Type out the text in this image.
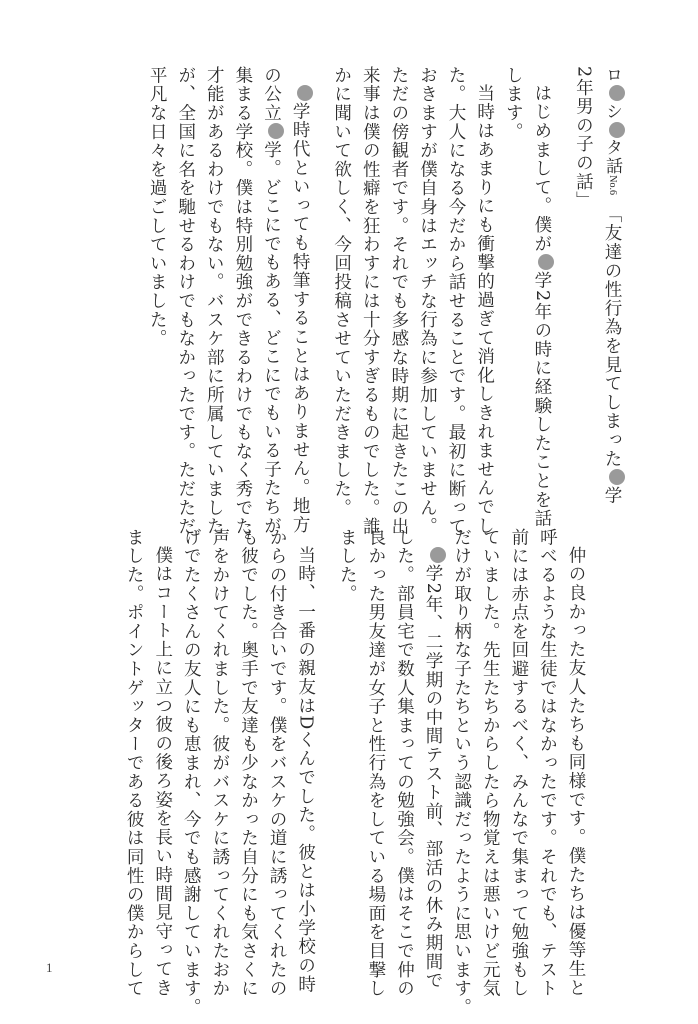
ロシタ話No.6　「友達の性行為を見てしまった学
2年男の子の話」
はじめまして。僕が学2年の時に経験したことを話
します。
当時はあまりにも衝撃的過ぎて消化しきれませんでし
た。大人になる今だから話せることです。最初に断って
おきますが僕自身はエッチな行為に参加していません。
ただの傍観者です。それでも多感な時期に起きたこの出
来事は僕の性癖を狂わすには十分すぎるものでした。誰
かに聞いて欲しく、今回投稿させていただきました。
学時代といっても特筆することはありません。地方
の公立学。どこにでもある、どこにでもいる子たちが
集まる学校。僕は特別勉強ができるわけでもなく秀でた
才能があるわけでもない。バスケ部に所属していました
が、全国に名を馳せるわけでもなかったです。ただただ
平凡な日々を過ごしていました。
仲の良かった友人たちも同様です。僕たちは優等生と
呼べるような生徒ではなかったです。それでも、テスト
前には赤点を回避するべく、みんなで集まって勉強もし
ていました。先生たちからしたら物覚えは悪いけど元気
だけが取り柄な子たちという認識だったように思います。
学2年、二学期の中間テスト前、部活の休み期間で
した。部員宅で数人集まっての勉強会。僕はそこで仲の
良かった男友達が女子と性行為をしている場面を目撃し
ました。
当時、一番の親友はDくんでした。彼とは小学校の時
からの付き合いです。僕をバスケの道に誘ってくれたの
も彼でした。奥手で友達も少なかった自分にも気さくに
声をかけてくれました。彼がバスケに誘ってくれたおか
げでたくさんの友人にも恵まれ、今でも感謝しています。
僕はコート上に立つ彼の後ろ姿を長い時間見守ってき
ました。ポイントゲッターである彼は同性の僕からして
1
